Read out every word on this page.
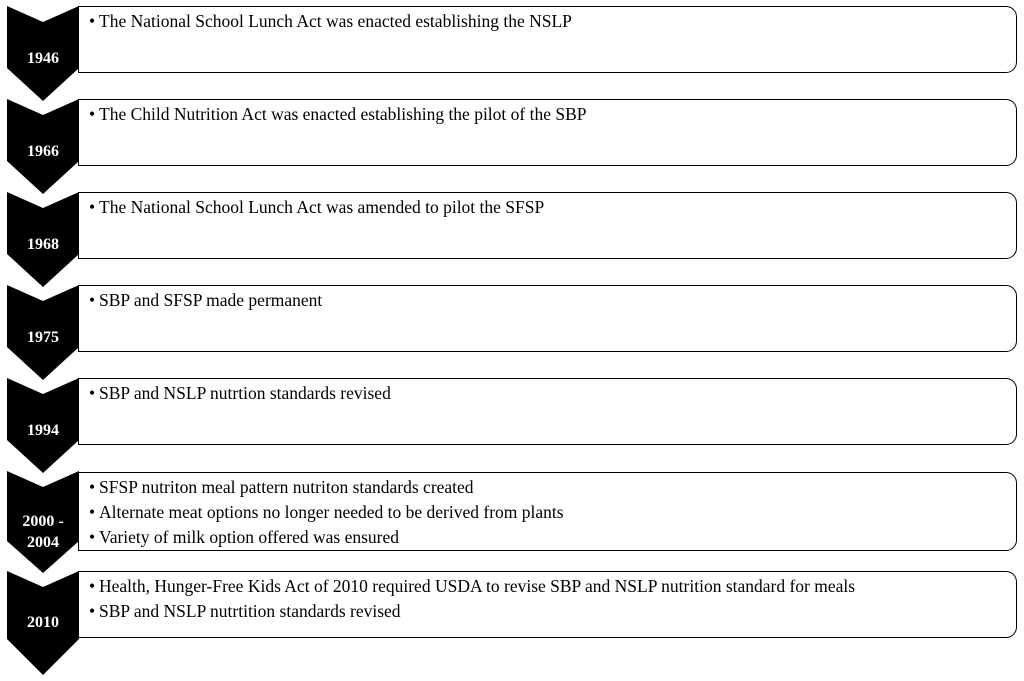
1946
• The National School Lunch Act was enacted establishing the NSLP
1966
• The Child Nutrition Act was enacted establishing the pilot of the SBP
1968
• The National School Lunch Act was amended to pilot the SFSP
1975
• SBP and SFSP made permanent
1994
• SBP and NSLP nutrtion standards revised
2000 - 2004
• SFSP nutriton meal pattern nutriton standards created
• Alternate meat options no longer needed to be derived from plants
• Variety of milk option offered was ensured
2010
• Health, Hunger-Free Kids Act of 2010 required USDA to revise SBP and NSLP nutrition standard for meals
• SBP and NSLP nutrtition standards revised
